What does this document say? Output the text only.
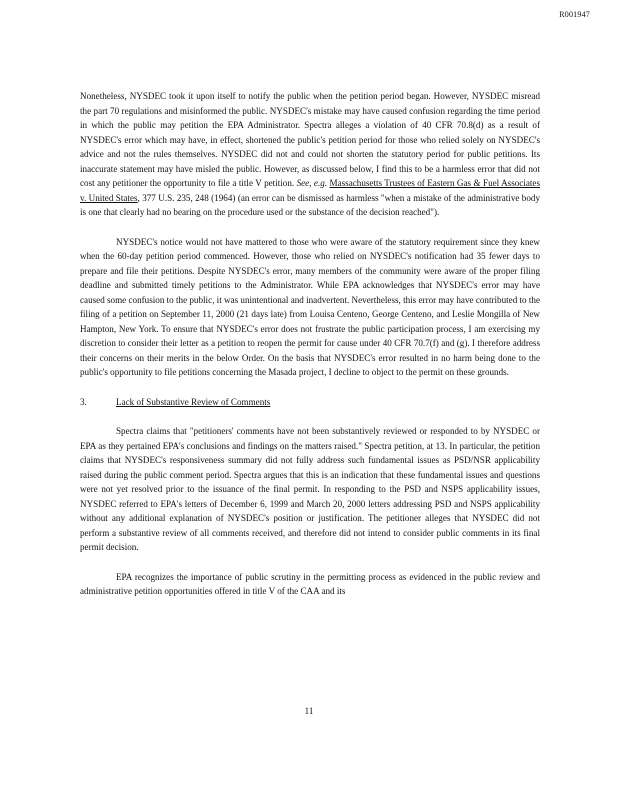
R001947

Nonetheless, NYSDEC took it upon itself to notify the public when the petition period began. However, NYSDEC misread the part 70 regulations and misinformed the public. NYSDEC's mistake may have caused confusion regarding the time period in which the public may petition the EPA Administrator. Spectra alleges a violation of 40 CFR 70.8(d) as a result of NYSDEC's error which may have, in effect, shortened the public's petition period for those who relied solely on NYSDEC's advice and not the rules themselves. NYSDEC did not and could not shorten the statutory period for public petitions. Its inaccurate statement may have misled the public. However, as discussed below, I find this to be a harmless error that did not cost any petitioner the opportunity to file a title V petition. See, e.g. Massachusetts Trustees of Eastern Gas & Fuel Associates v. United States, 377 U.S. 235, 248 (1964) (an error can be dismissed as harmless "when a mistake of the administrative body is one that clearly had no bearing on the procedure used or the substance of the decision reached").

NYSDEC's notice would not have mattered to those who were aware of the statutory requirement since they knew when the 60-day petition period commenced. However, those who relied on NYSDEC's notification had 35 fewer days to prepare and file their petitions. Despite NYSDEC's error, many members of the community were aware of the proper filing deadline and submitted timely petitions to the Administrator. While EPA acknowledges that NYSDEC's error may have caused some confusion to the public, it was unintentional and inadvertent. Nevertheless, this error may have contributed to the filing of a petition on September 11, 2000 (21 days late) from Louisa Centeno, George Centeno, and Leslie Mongilla of New Hampton, New York. To ensure that NYSDEC's error does not frustrate the public participation process, I am exercising my discretion to consider their letter as a petition to reopen the permit for cause under 40 CFR 70.7(f) and (g). I therefore address their concerns on their merits in the below Order. On the basis that NYSDEC's error resulted in no harm being done to the public's opportunity to file petitions concerning the Masada project, I decline to object to the permit on these grounds.

3.	Lack of Substantive Review of Comments

Spectra claims that "petitioners' comments have not been substantively reviewed or responded to by NYSDEC or EPA as they pertained EPA's conclusions and findings on the matters raised." Spectra petition, at 13. In particular, the petition claims that NYSDEC's responsiveness summary did not fully address such fundamental issues as PSD/NSR applicability raised during the public comment period. Spectra argues that this is an indication that these fundamental issues and questions were not yet resolved prior to the issuance of the final permit. In responding to the PSD and NSPS applicability issues, NYSDEC referred to EPA's letters of December 6, 1999 and March 20, 2000 letters addressing PSD and NSPS applicability without any additional explanation of NYSDEC's position or justification. The petitioner alleges that NYSDEC did not perform a substantive review of all comments received, and therefore did not intend to consider public comments in its final permit decision.

EPA recognizes the importance of public scrutiny in the permitting process as evidenced in the public review and administrative petition opportunities offered in title V of the CAA and its

11
